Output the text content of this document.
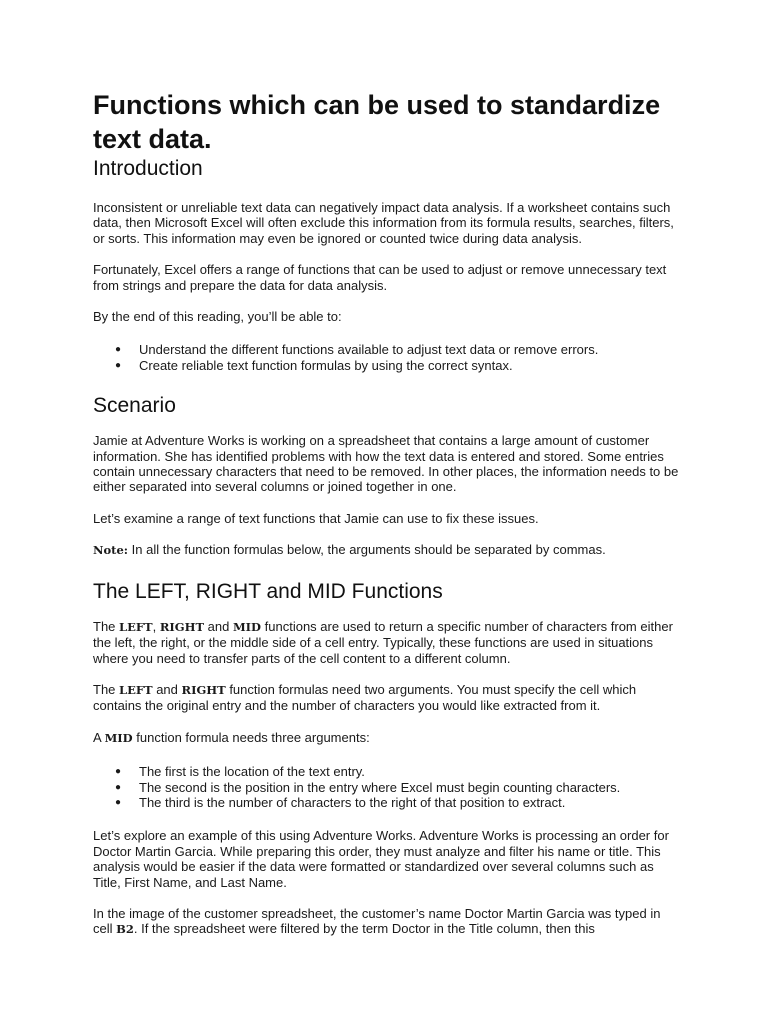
Functions which can be used to standardize text data.
Introduction

Inconsistent or unreliable text data can negatively impact data analysis. If a worksheet contains such data, then Microsoft Excel will often exclude this information from its formula results, searches, filters, or sorts. This information may even be ignored or counted twice during data analysis.

Fortunately, Excel offers a range of functions that can be used to adjust or remove unnecessary text from strings and prepare the data for data analysis.

By the end of this reading, you’ll be able to:

● Understand the different functions available to adjust text data or remove errors.
● Create reliable text function formulas by using the correct syntax.
Scenario

Jamie at Adventure Works is working on a spreadsheet that contains a large amount of customer information. She has identified problems with how the text data is entered and stored. Some entries contain unnecessary characters that need to be removed. In other places, the information needs to be either separated into several columns or joined together in one.

Let’s examine a range of text functions that Jamie can use to fix these issues.

Note: In all the function formulas below, the arguments should be separated by commas.

The LEFT, RIGHT and MID Functions

The LEFT, RIGHT and MID functions are used to return a specific number of characters from either the left, the right, or the middle side of a cell entry. Typically, these functions are used in situations where you need to transfer parts of the cell content to a different column.

The LEFT and RIGHT function formulas need two arguments. You must specify the cell which contains the original entry and the number of characters you would like extracted from it.

A MID function formula needs three arguments:

● The first is the location of the text entry.
● The second is the position in the entry where Excel must begin counting characters.
● The third is the number of characters to the right of that position to extract.

Let’s explore an example of this using Adventure Works. Adventure Works is processing an order for Doctor Martin Garcia. While preparing this order, they must analyze and filter his name or title. This analysis would be easier if the data were formatted or standardized over several columns such as Title, First Name, and Last Name.

In the image of the customer spreadsheet, the customer’s name Doctor Martin Garcia was typed in cell B2. If the spreadsheet were filtered by the term Doctor in the Title column, then this
